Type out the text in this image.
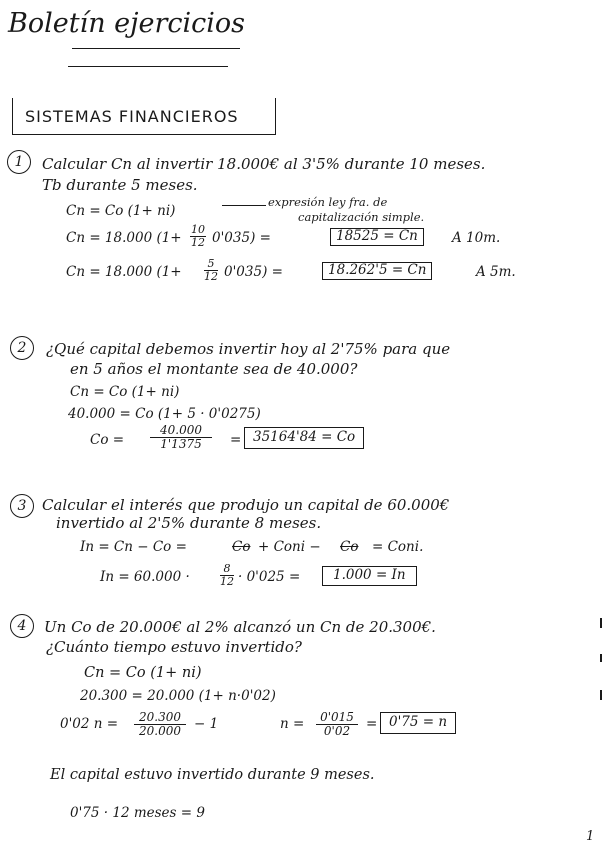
Boletín ejercicios
SISTEMAS FINANCIEROS
1	Calcular Cn al invertir 18.000€ al 3'5% durante 10 meses.
Tb durante 5 meses.
Cn = Co (1+ ni)
expresión ley fra. de
capitalización simple.
Cn = 18.000 $(1+ \frac{10}{12} 0'035)$ =	18525 = Cn	A 10m.
Cn = 18.000 $(1+ \frac{5}{12} 0'035)$ =	18.262'5 = Cn	A 5m.
2	¿Qué capital debemos invertir hoy al 2'75% para que
en 5 años el montante sea de 40.000?
Cn = Co (1+ ni)
40.000 = Co (1+ 5 · 0'0275)
$Co = \frac{40.000}{1'1375} = 35164'84 = Co$
3	Calcular el interés que produjo un capital de 60.000€
invertido al 2'5% durante 8 meses.
In = Cn − Co =	Co + Coni − Co = Coni.
In = 60.000 ·	$\frac{8}{12} \cdot 0'025$ =	1.000 = In
4	Un Co de 20.000€ al 2% alcanzó un Cn de 20.300€.
¿Cuánto tiempo estuvo invertido?
Cn = Co (1+ ni)
20.300 = 20.000 (1+ n·0'02)
0'02 $n = \frac{20.300}{20.000} - 1$	$n = \frac{0'015}{0'02} = 0'75 = n$
El capital estuvo invertido durante 9 meses.
0'75 · 12 meses = 9
1
